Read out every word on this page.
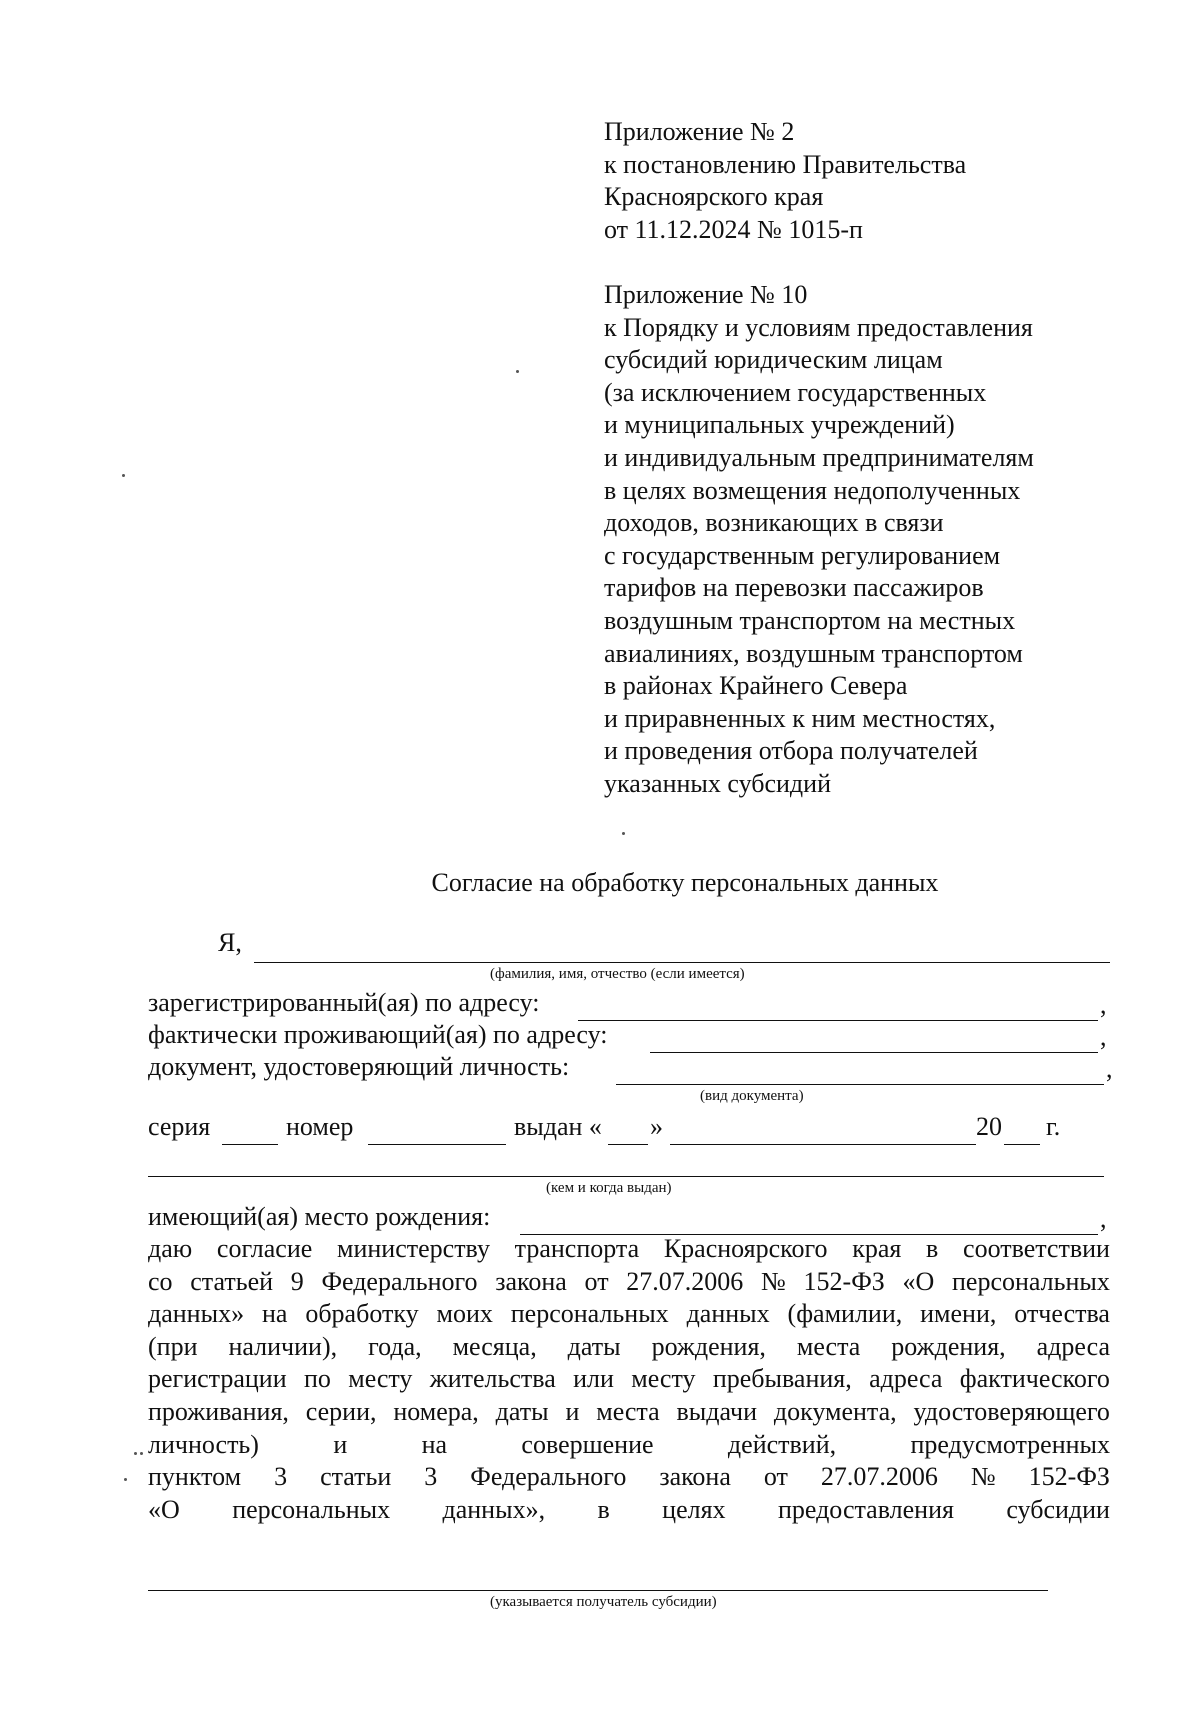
Приложение № 2
к постановлению Правительства
Красноярского края
от 11.12.2024 № 1015-п
Приложение № 10
к Порядку и условиям предоставления
субсидий юридическим лицам
(за исключением государственных
и муниципальных учреждений)
и индивидуальным предпринимателям
в целях возмещения недополученных
доходов, возникающих в связи
с государственным регулированием
тарифов на перевозки пассажиров
воздушным транспортом на местных
авиалиниях, воздушным транспортом
в районах Крайнего Севера
и приравненных к ним местностях,
и проведения отбора получателей
указанных субсидий
Согласие на обработку персональных данных
Я,
(фамилия, имя, отчество (если имеется)
зарегистрированный(ая) по адресу:	,
фактически проживающий(ая) по адресу:	,
документ, удостоверяющий личность:	,
(вид документа)
серия	номер	выдан « »	20 г.
(кем и когда выдан)
имеющий(ая) место рождения:	,
даю согласие министерству транспорта Красноярского края в соответствии
со статьей 9 Федерального закона от 27.07.2006 № 152-ФЗ «О персональных
данных» на обработку моих персональных данных (фамилии, имени, отчества
(при наличии), года, месяца, даты рождения, места рождения, адреса
регистрации по месту жительства или месту пребывания, адреса фактического
проживания, серии, номера, даты и места выдачи документа, удостоверяющего
личность)	и	на	совершение	действий,	предусмотренных
пунктом 3 статьи 3 Федерального закона от 27.07.2006 № 152-ФЗ
«О персональных данных», в целях предоставления субсидии
(указывается получатель субсидии)
